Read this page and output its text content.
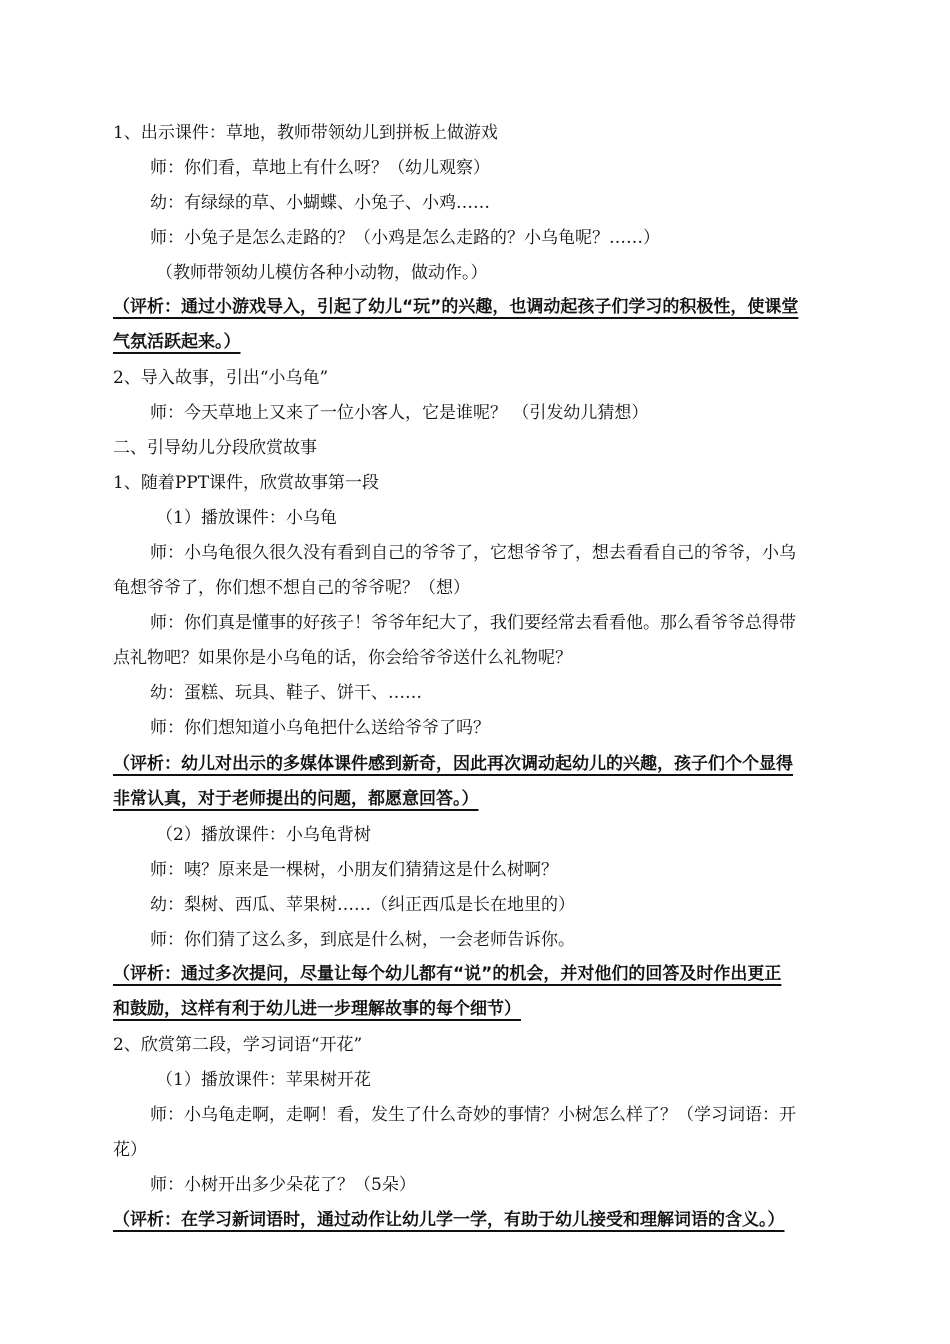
1、出示课件：草地，教师带领幼儿到拼板上做游戏
师：你们看，草地上有什么呀？（幼儿观察）
幼：有绿绿的草、小蝴蝶、小兔子、小鸡……
师：小兔子是怎么走路的？（小鸡是怎么走路的？小乌龟呢？……）
（教师带领幼儿模仿各种小动物，做动作。）
（评析：通过小游戏导入，引起了幼儿“玩”的兴趣，也调动起孩子们学习的积极性，使课堂
气氛活跃起来。）
2、导入故事，引出“小乌龟”
师：今天草地上又来了一位小客人，它是谁呢？ （引发幼儿猜想）
二、引导幼儿分段欣赏故事
1、随着PPT课件，欣赏故事第一段
（1）播放课件：小乌龟
师：小乌龟很久很久没有看到自己的爷爷了，它想爷爷了，想去看看自己的爷爷，小乌
龟想爷爷了，你们想不想自己的爷爷呢？（想）
师：你们真是懂事的好孩子！爷爷年纪大了，我们要经常去看看他。那么看爷爷总得带
点礼物吧？如果你是小乌龟的话，你会给爷爷送什么礼物呢？
幼：蛋糕、玩具、鞋子、饼干、……
师：你们想知道小乌龟把什么送给爷爷了吗？
（评析：幼儿对出示的多媒体课件感到新奇，因此再次调动起幼儿的兴趣，孩子们个个显得
非常认真，对于老师提出的问题，都愿意回答。）
（2）播放课件：小乌龟背树
师：咦？原来是一棵树，小朋友们猜猜这是什么树啊？
幼：梨树、西瓜、苹果树……（纠正西瓜是长在地里的）
师：你们猜了这么多，到底是什么树，一会老师告诉你。
（评析：通过多次提问，尽量让每个幼儿都有“说”的机会，并对他们的回答及时作出更正
和鼓励，这样有利于幼儿进一步理解故事的每个细节）
2、欣赏第二段，学习词语“开花”
（1）播放课件：苹果树开花
师：小乌龟走啊，走啊！看，发生了什么奇妙的事情？小树怎么样了？（学习词语：开
花）
师：小树开出多少朵花了？（5朵）
（评析：在学习新词语时，通过动作让幼儿学一学，有助于幼儿接受和理解词语的含义。）
